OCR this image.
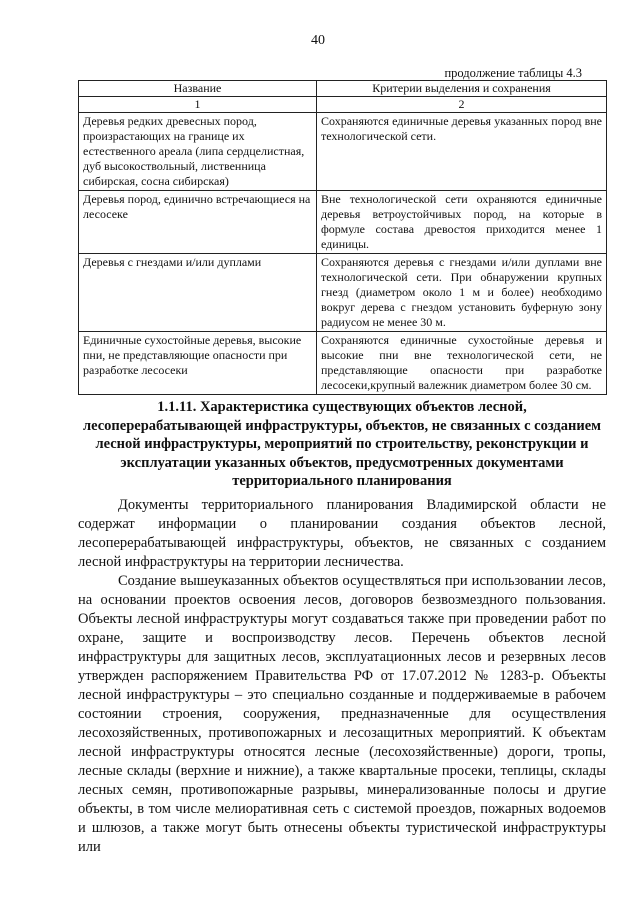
40
продолжение таблицы 4.3
Название	Критерии выделения и сохранения
1	2
Деревья редких древесных пород, произрастающих на границе их естественного ареала (липа сердцелистная, дуб высокоствольный, лиственница сибирская, сосна сибирская)	Сохраняются единичные деревья указанных пород вне технологической сети.
Деревья пород, единично встречающиеся на лесосеке	Вне технологической сети охраняются единичные деревья ветроустойчивых пород, на которые в формуле состава древостоя приходится менее 1 единицы.
Деревья с гнездами и/или дуплами	Сохраняются деревья с гнездами и/или дуплами вне технологической сети. При обнаружении крупных гнезд (диаметром около 1 м и более) необходимо вокруг дерева с гнездом установить буферную зону радиусом не менее 30 м.
Единичные сухостойные деревья, высокие пни, не представляющие опасности при разработке лесосеки	Сохраняются единичные сухостойные деревья и высокие пни вне технологической сети, не представляющие опасности при разработке лесосеки,крупный валежник диаметром более 30 см.
1.1.11. Характеристика существующих объектов лесной, лесоперерабатывающей инфраструктуры, объектов, не связанных с созданием лесной инфраструктуры, мероприятий по строительству, реконструкции и эксплуатации указанных объектов, предусмотренных документами территориального планирования

Документы территориального планирования Владимирской области не содержат информации о планировании создания объектов лесной, лесоперерабатывающей инфраструктуры, объектов, не связанных с созданием лесной инфраструктуры на территории лесничества.

Создание вышеуказанных объектов осуществляться при использовании лесов, на основании проектов освоения лесов, договоров безвозмездного пользования. Объекты лесной инфраструктуры могут создаваться также при проведении работ по охране, защите и воспроизводству лесов. Перечень объектов лесной инфраструктуры для защитных лесов, эксплуатационных лесов и резервных лесов утвержден распоряжением Правительства РФ от 17.07.2012 № 1283-р. Объекты лесной инфраструктуры – это специально созданные и поддерживаемые в рабочем состоянии строения, сооружения, предназначенные для осуществления лесохозяйственных, противопожарных и лесозащитных мероприятий. К объектам лесной инфраструктуры относятся лесные (лесохозяйственные) дороги, тропы, лесные склады (верхние и нижние), а также квартальные просеки, теплицы, склады лесных семян, противопожарные разрывы, минерализованные полосы и другие объекты, в том числе мелиоративная сеть с системой проездов, пожарных водоемов и шлюзов, а также могут быть отнесены объекты туристической инфраструктуры или
